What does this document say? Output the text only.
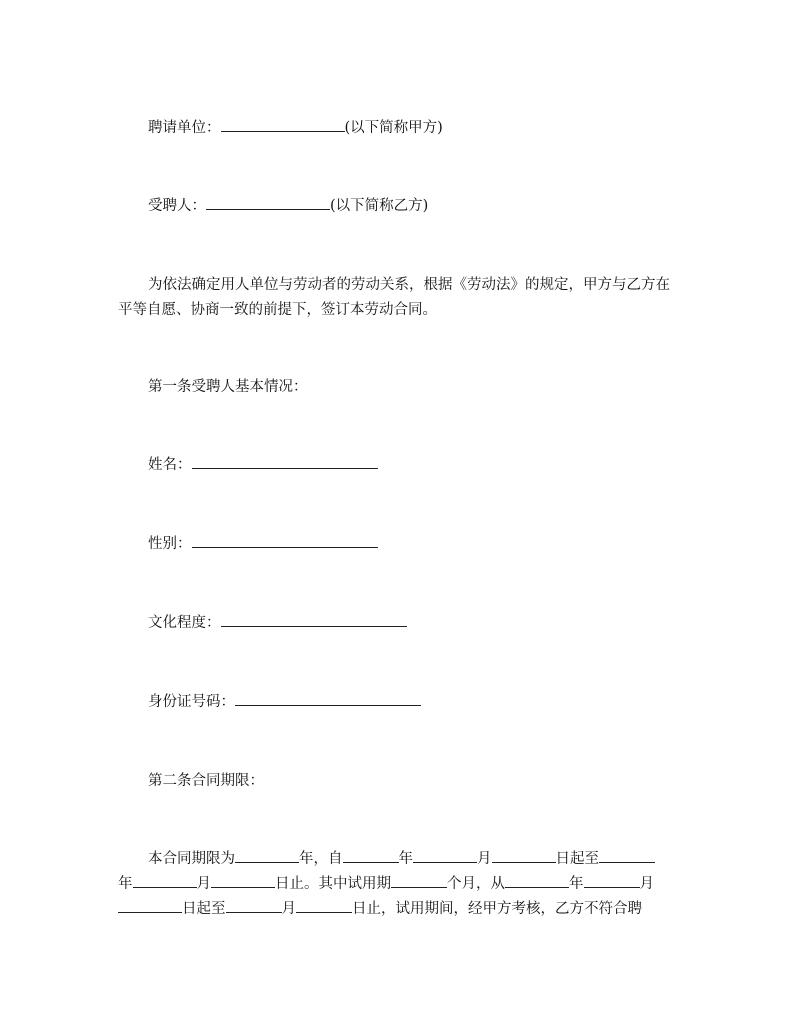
聘请单位：	(以下简称甲方)
受聘人：	(以下简称乙方)
为依法确定用人单位与劳动者的劳动关系，根据《劳动法》的规定，甲方与乙方在平等自愿、协商一致的前提下，签订本劳动合同。
第一条受聘人基本情况：
姓名：
性别：
文化程度：
身份证号码：
第二条合同期限：
本合同期限为	年，自	年	月	日起至
年	月	日止。其中试用期	个月，从	年	月
日起至	月	日止，试用期间，经甲方考核，乙方不符合聘
